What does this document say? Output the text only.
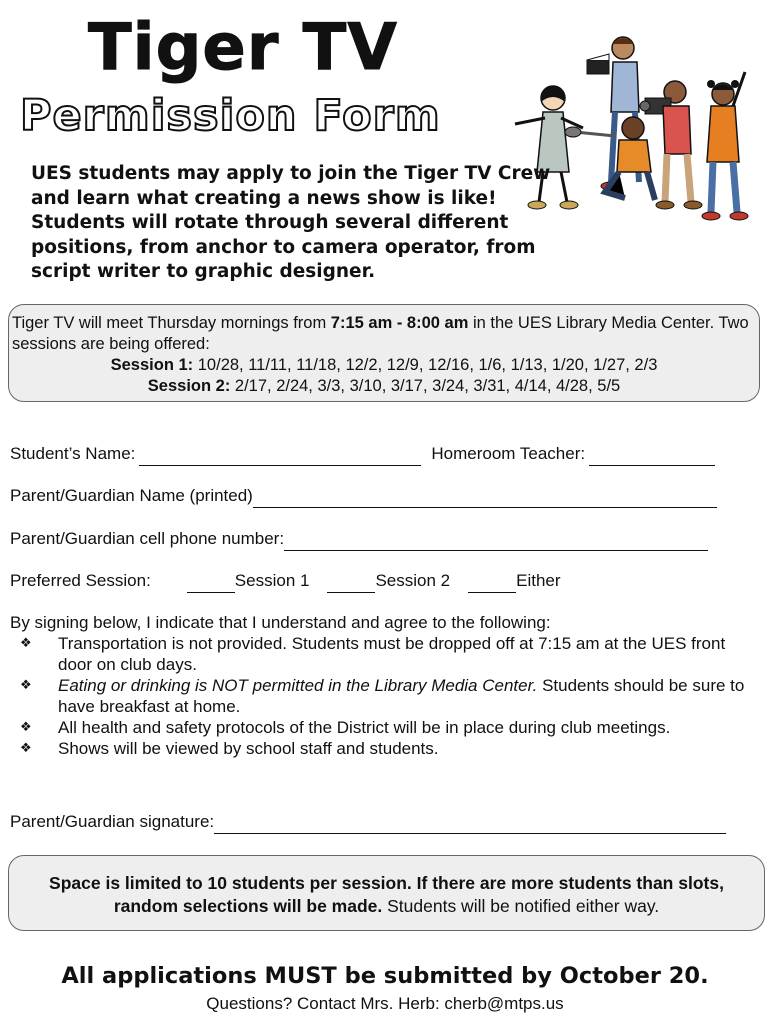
Tiger TV
Permission Form
UES students may apply to join the Tiger TV Crew and learn what creating a news show is like! Students will rotate through several different positions, from anchor to camera operator, from script writer to graphic designer.

Tiger TV will meet Thursday mornings from 7:15 am - 8:00 am in the UES Library Media Center. Two sessions are being offered:

Session 1: 10/28, 11/11, 11/18, 12/2, 12/9, 12/16, 1/6, 1/13, 1/20, 1/27, 2/3

Session 2: 2/17, 2/24, 3/3, 3/10, 3/17, 3/24, 3/31, 4/14, 4/28, 5/5

Student’s Name:	Homeroom Teacher:
Parent/Guardian Name (printed)
Parent/Guardian cell phone number:
Preferred Session:	Session 1	Session 2	Either
By signing below, I indicate that I understand and agree to the following:
❖ Transportation is not provided. Students must be dropped off at 7:15 am at the UES front door on club days.
❖ Eating or drinking is NOT permitted in the Library Media Center. Students should be sure to have breakfast at home.
❖ All health and safety protocols of the District will be in place during club meetings.
❖ Shows will be viewed by school staff and students.
Parent/Guardian signature:
Space is limited to 10 students per session. If there are more students than slots, random selections will be made. Students will be notified either way.
All applications MUST be submitted by October 20.
Questions? Contact Mrs. Herb: cherb@mtps.us
